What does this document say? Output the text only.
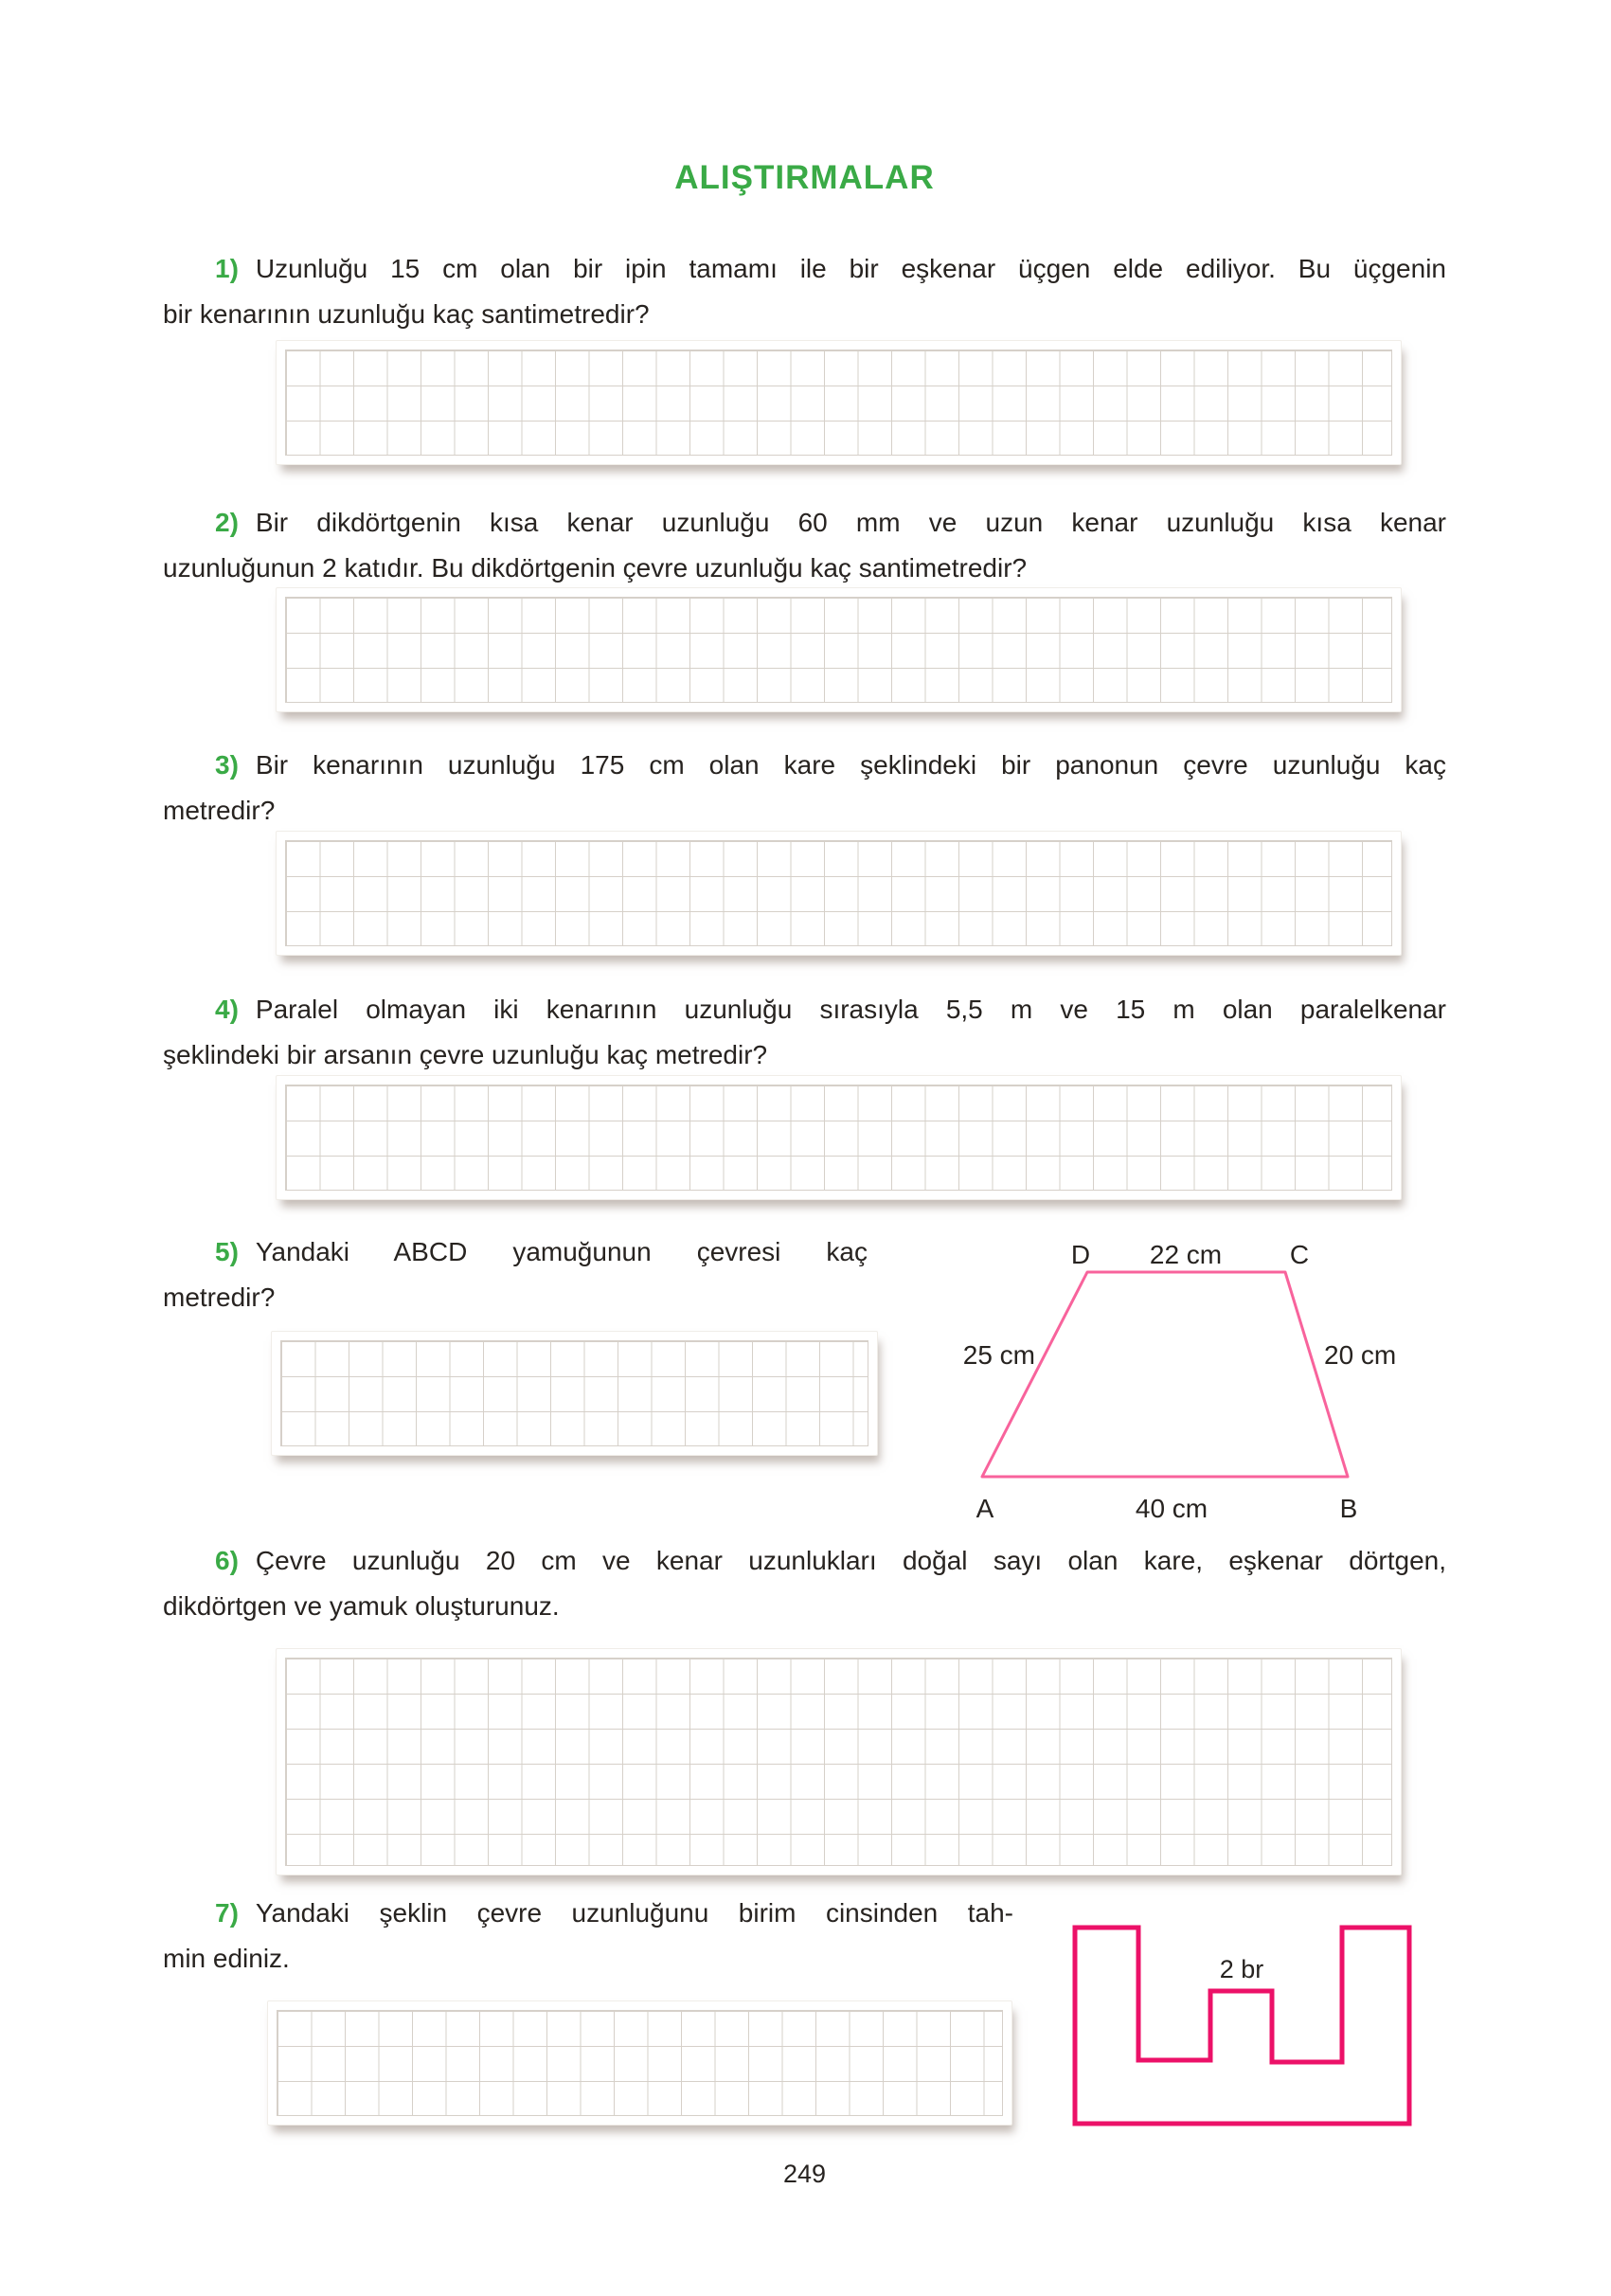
ALIŞTIRMALAR
1) Uzunluğu 15 cm olan bir ipin tamamı ile bir eşkenar üçgen elde ediliyor. Bu üçgenin
bir kenarının uzunluğu kaç santimetredir?
2) Bir dikdörtgenin kısa kenar uzunluğu 60 mm ve uzun kenar uzunluğu kısa kenar
uzunluğunun 2 katıdır. Bu dikdörtgenin çevre uzunluğu kaç santimetredir?
3) Bir kenarının uzunluğu 175 cm olan kare şeklindeki bir panonun çevre uzunluğu kaç
metredir?
4) Paralel olmayan iki kenarının uzunluğu sırasıyla 5,5 m ve 15 m olan paralelkenar
şeklindeki bir arsanın çevre uzunluğu kaç metredir?
5) Yandaki ABCD yamuğunun çevresi kaç
metredir?
D 22 cm	C
25 cm	20 cm
A	40 cm	B
6) Çevre uzunluğu 20 cm ve kenar uzunlukları doğal sayı olan kare, eşkenar dörtgen,
dikdörtgen ve yamuk oluşturunuz.
7) Yandaki şeklin çevre uzunluğunu birim cinsinden tah-
min ediniz.	2 br
249
